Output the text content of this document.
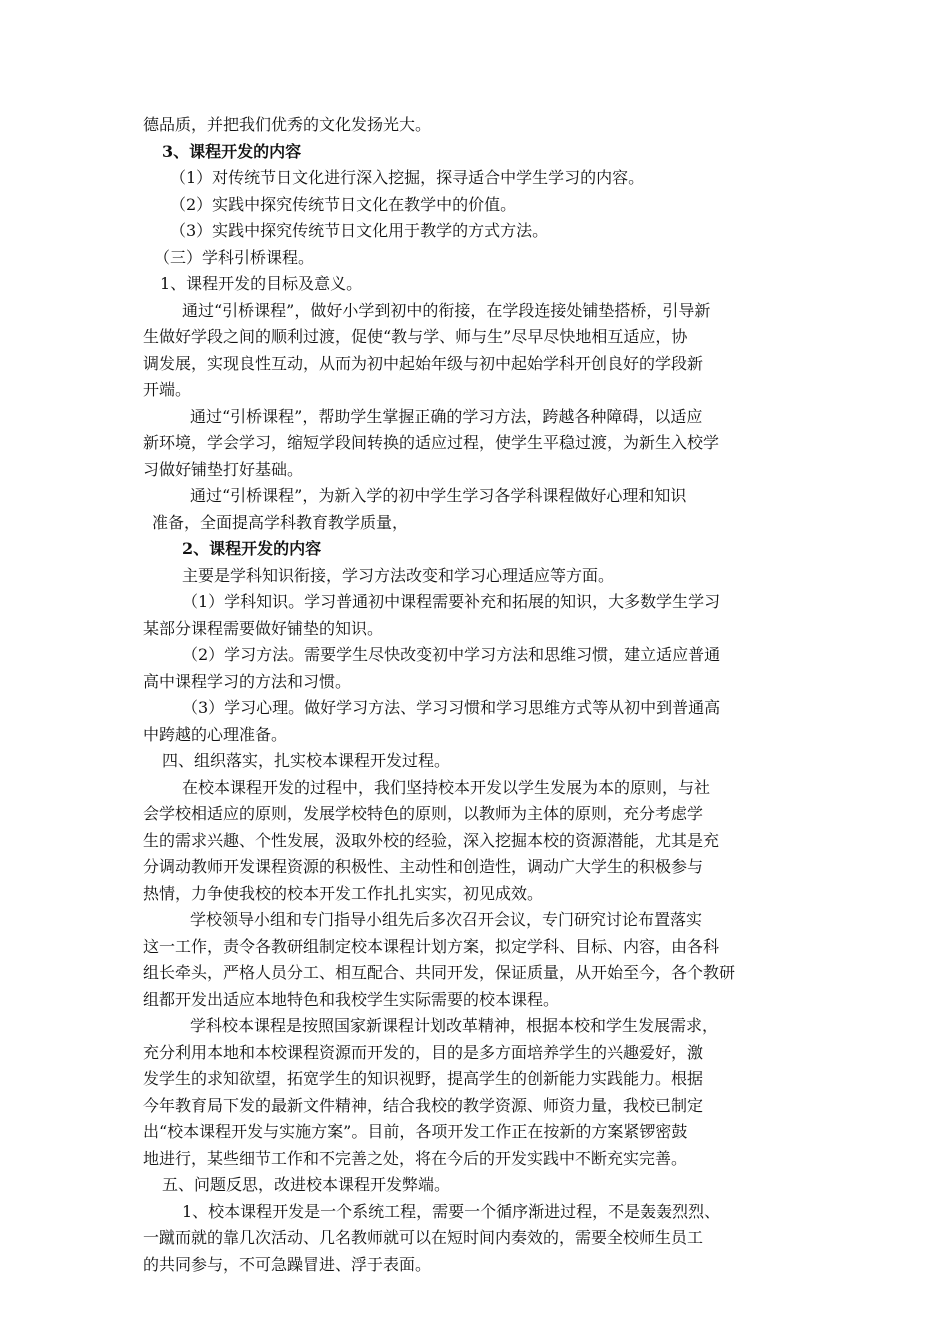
德品质，并把我们优秀的文化发扬光大。
3、课程开发的内容
（1）对传统节日文化进行深入挖掘，探寻适合中学生学习的内容。
（2）实践中探究传统节日文化在教学中的价值。
（3）实践中探究传统节日文化用于教学的方式方法。
（三）学科引桥课程。
1、课程开发的目标及意义。
通过“引桥课程”，做好小学到初中的衔接，在学段连接处铺垫搭桥，引导新
生做好学段之间的顺利过渡，促使“教与学、师与生”尽早尽快地相互适应，协
调发展，实现良性互动，从而为初中起始年级与初中起始学科开创良好的学段新
开端。
通过“引桥课程”，帮助学生掌握正确的学习方法，跨越各种障碍，以适应
新环境，学会学习，缩短学段间转换的适应过程，使学生平稳过渡，为新生入校学
习做好铺垫打好基础。
通过“引桥课程”，为新入学的初中学生学习各学科课程做好心理和知识
准备，全面提高学科教育教学质量，
2、课程开发的内容
主要是学科知识衔接，学习方法改变和学习心理适应等方面。
（1）学科知识。学习普通初中课程需要补充和拓展的知识，大多数学生学习
某部分课程需要做好铺垫的知识。
（2）学习方法。需要学生尽快改变初中学习方法和思维习惯，建立适应普通
高中课程学习的方法和习惯。
（3）学习心理。做好学习方法、学习习惯和学习思维方式等从初中到普通高
中跨越的心理准备。
四、组织落实，扎实校本课程开发过程。
在校本课程开发的过程中，我们坚持校本开发以学生发展为本的原则，与社
会学校相适应的原则，发展学校特色的原则，以教师为主体的原则，充分考虑学
生的需求兴趣、个性发展，汲取外校的经验，深入挖掘本校的资源潜能，尤其是充
分调动教师开发课程资源的积极性、主动性和创造性，调动广大学生的积极参与
热情，力争使我校的校本开发工作扎扎实实，初见成效。
学校领导小组和专门指导小组先后多次召开会议，专门研究讨论布置落实
这一工作，责令各教研组制定校本课程计划方案，拟定学科、目标、内容，由各科
组长牵头，严格人员分工、相互配合、共同开发，保证质量，从开始至今，各个教研
组都开发出适应本地特色和我校学生实际需要的校本课程。
学科校本课程是按照国家新课程计划改革精神，根据本校和学生发展需求，
充分利用本地和本校课程资源而开发的，目的是多方面培养学生的兴趣爱好，激
发学生的求知欲望，拓宽学生的知识视野，提高学生的创新能力实践能力。根据
今年教育局下发的最新文件精神，结合我校的教学资源、师资力量，我校已制定
出“校本课程开发与实施方案”。目前，各项开发工作正在按新的方案紧锣密鼓
地进行，某些细节工作和不完善之处，将在今后的开发实践中不断充实完善。
五、问题反思，改进校本课程开发弊端。
1、校本课程开发是一个系统工程，需要一个循序渐进过程，不是轰轰烈烈、
一蹴而就的靠几次活动、几名教师就可以在短时间内奏效的，需要全校师生员工
的共同参与，不可急躁冒进、浮于表面。
